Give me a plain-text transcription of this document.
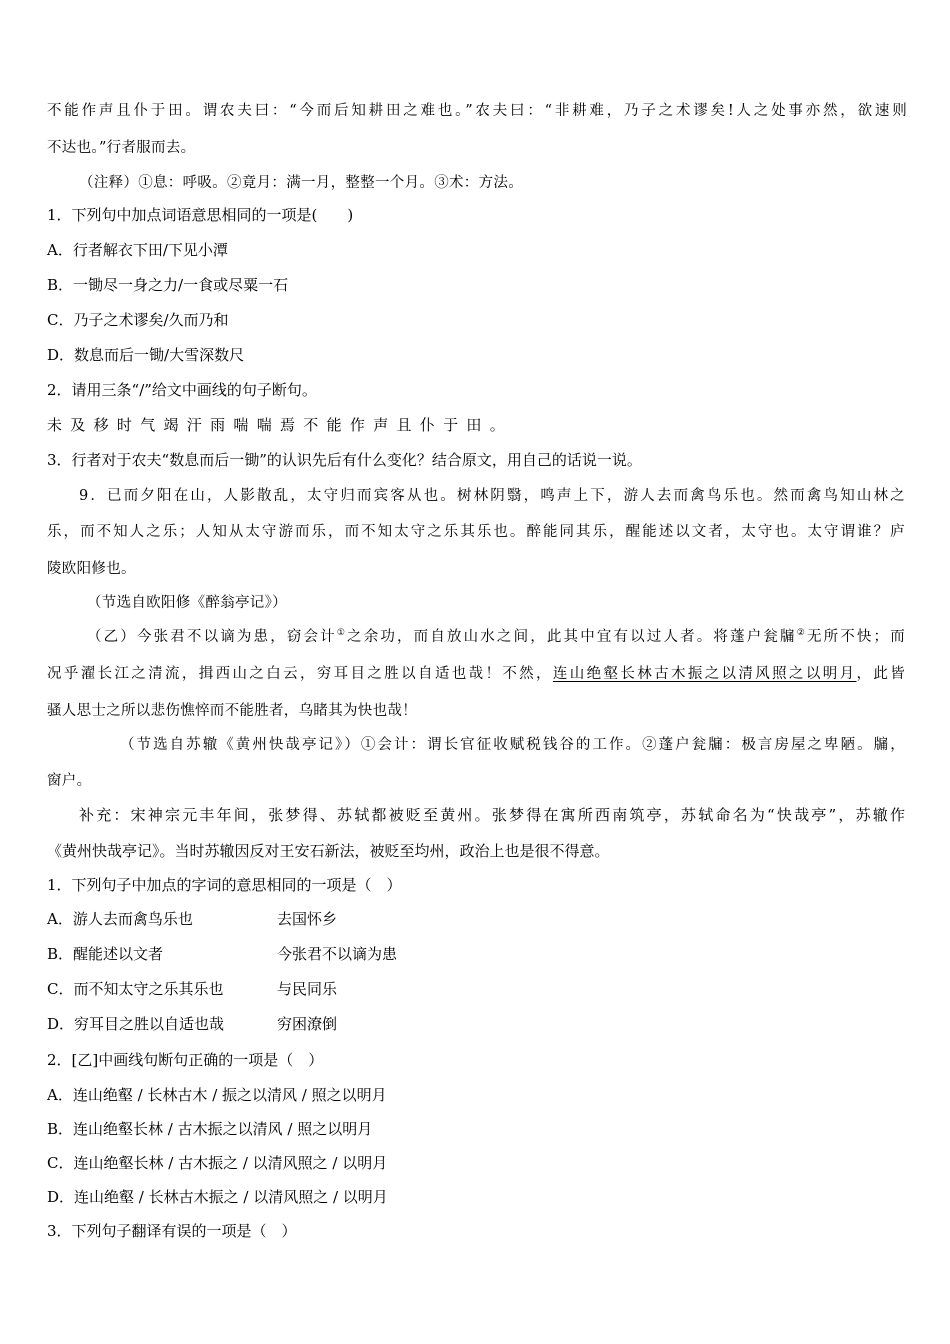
不能作声且仆于田。谓农夫曰：“今而后知耕田之难也。”农夫曰：“非耕难，乃子之术谬矣!人之处事亦然，欲速则
不达也。”行者服而去。
（注释）①息：呼吸。②竟月：满一月，整整一个月。③术：方法。
1．下列句中加点词语意思相同的一项是(　　)
A．行者解衣下田/下见小潭
B．一锄尽一身之力/一食或尽粟一石
C．乃子之术谬矣/久而乃和
D．数息而后一锄/大雪深数尺
2．请用三条“/”给文中画线的句子断句。
未及移时气竭汗雨喘喘焉不能作声且仆于田。
3．行者对于农夫“数息而后一锄”的认识先后有什么变化？结合原文，用自己的话说一说。
9．已而夕阳在山，人影散乱，太守归而宾客从也。树林阴翳，鸣声上下，游人去而禽鸟乐也。然而禽鸟知山林之
乐，而不知人之乐；人知从太守游而乐，而不知太守之乐其乐也。醉能同其乐，醒能述以文者，太守也。太守谓谁？庐
陵欧阳修也。
（节选自欧阳修《醉翁亭记》）
（乙）今张君不以谪为患，窃会计①之余功，而自放山水之间，此其中宜有以过人者。将蓬户瓮牖②无所不快；而
况乎濯长江之清流，揖西山之白云，穷耳目之胜以自适也哉！不然，连山绝壑长林古木振之以清风照之以明月，此皆
骚人思士之所以悲伤憔悴而不能胜者，乌睹其为快也哉！
（节选自苏辙《黄州快哉亭记》）①会计：谓长官征收赋税钱谷的工作。②蓬户瓮牖：极言房屋之卑陋。牖，
窗户。
补充：宋神宗元丰年间，张梦得、苏轼都被贬至黄州。张梦得在寓所西南筑亭，苏轼命名为“快哉亭”，苏辙作
《黄州快哉亭记》。当时苏辙因反对王安石新法，被贬至均州，政治上也是很不得意。
1．下列句子中加点的字词的意思相同的一项是（　）
A．游人去而禽鸟乐也	去国怀乡
B．醒能述以文者	今张君不以谪为患
C．而不知太守之乐其乐也	与民同乐
D．穷耳目之胜以自适也哉	穷困潦倒
2．[乙]中画线句断句正确的一项是（　）
A．连山绝壑 / 长林古木 / 振之以清风 / 照之以明月
B．连山绝壑长林 / 古木振之以清风 / 照之以明月
C．连山绝壑长林 / 古木振之 / 以清风照之 / 以明月
D．连山绝壑 / 长林古木振之 / 以清风照之 / 以明月
3．下列句子翻译有误的一项是（　）
